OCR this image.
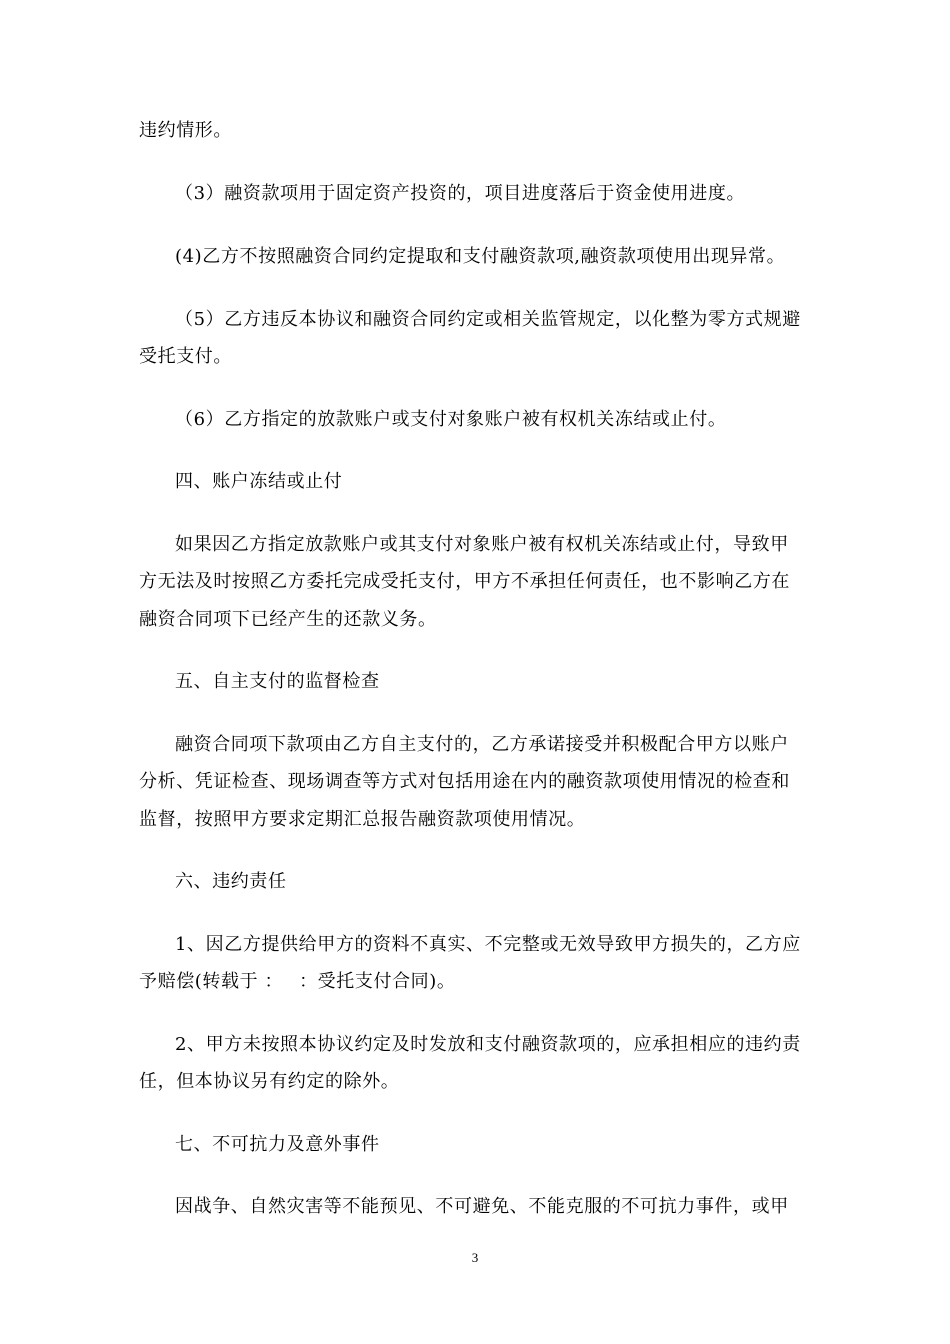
违约情形。
（3）融资款项用于固定资产投资的，项目进度落后于资金使用进度。
(4)乙方不按照融资合同约定提取和支付融资款项,融资款项使用出现异常。
（5）乙方违反本协议和融资合同约定或相关监管规定，以化整为零方式规避
受托支付。
（6）乙方指定的放款账户或支付对象账户被有权机关冻结或止付。
四、账户冻结或止付
如果因乙方指定放款账户或其支付对象账户被有权机关冻结或止付，导致甲
方无法及时按照乙方委托完成受托支付，甲方不承担任何责任，也不影响乙方在
融资合同项下已经产生的还款义务。
五、自主支付的监督检查
融资合同项下款项由乙方自主支付的，乙方承诺接受并积极配合甲方以账户
分析、凭证检查、现场调查等方式对包括用途在内的融资款项使用情况的检查和
监督，按照甲方要求定期汇总报告融资款项使用情况。
六、违约责任
1、因乙方提供给甲方的资料不真实、不完整或无效导致甲方损失的，乙方应
予赔偿(转载于 ：　 ：受托支付合同)。
2、甲方未按照本协议约定及时发放和支付融资款项的，应承担相应的违约责
任，但本协议另有约定的除外。
七、不可抗力及意外事件
因战争、自然灾害等不能预见、不可避免、不能克服的不可抗力事件，或甲
3
